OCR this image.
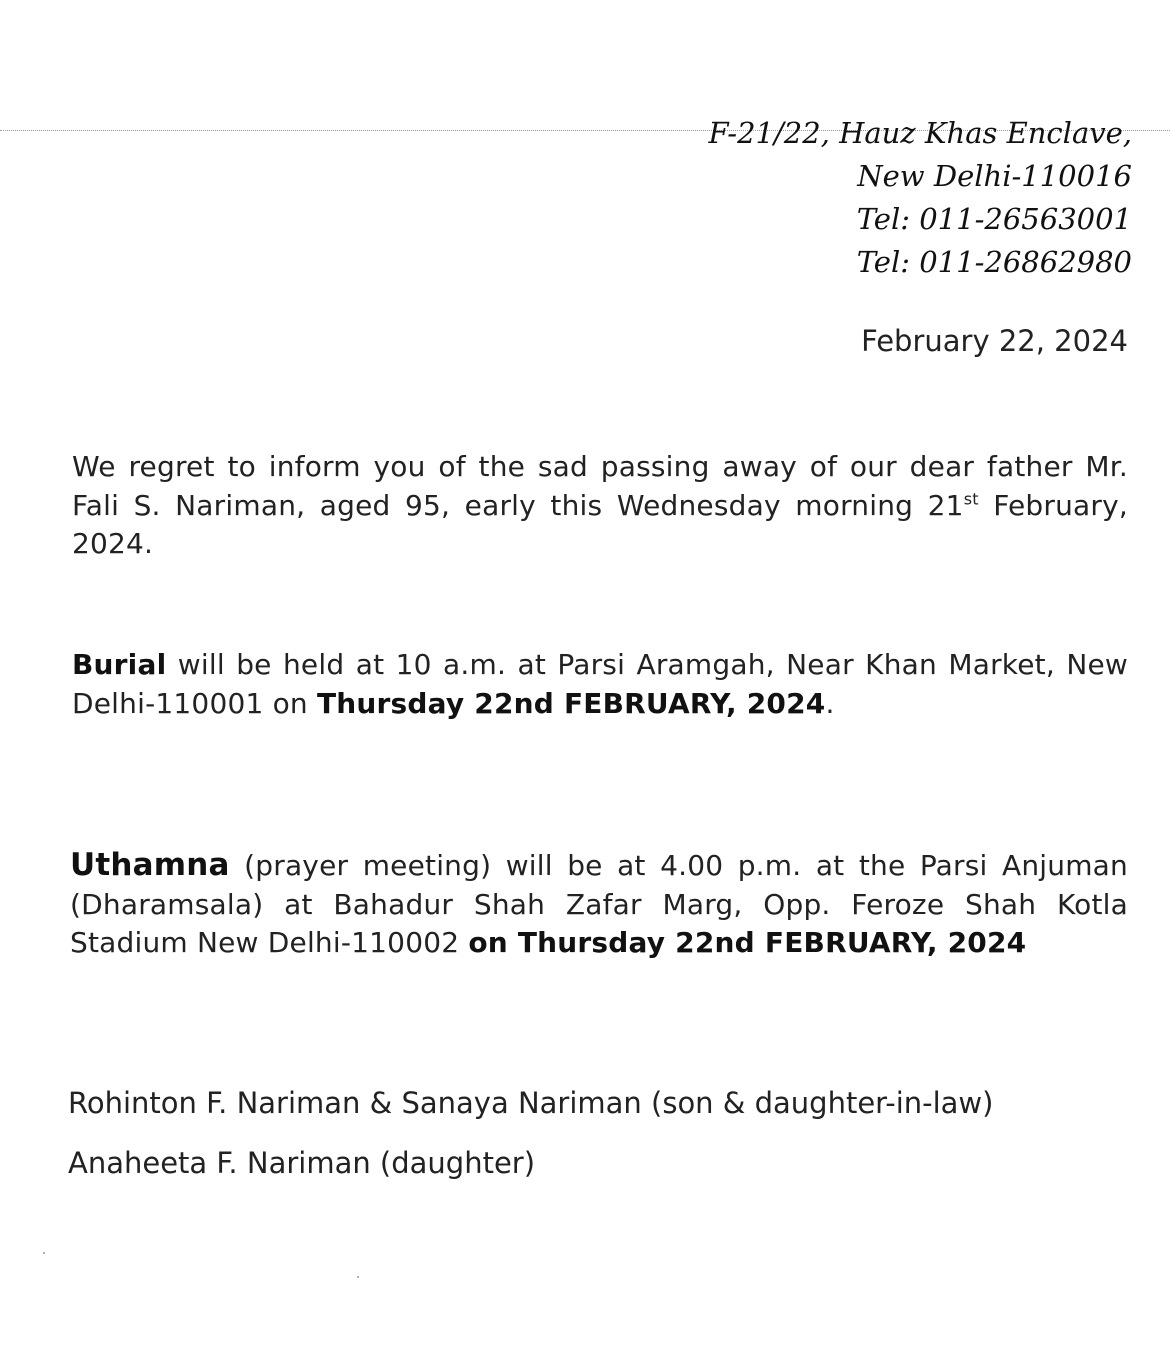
F-21/22, Hauz Khas Enclave,
New Delhi-110016
Tel: 011-26563001
Tel: 011-26862980
February 22, 2024
We regret to inform you of the sad passing away of our dear father Mr. Fali S. Nariman, aged 95, early this Wednesday morning 21st February, 2024.
Burial will be held at 10 a.m. at Parsi Aramgah, Near Khan Market, New Delhi-110001 on Thursday 22nd FEBRUARY, 2024.
Uthamna (prayer meeting) will be at 4.00 p.m. at the Parsi Anjuman (Dharamsala) at Bahadur Shah Zafar Marg, Opp. Feroze Shah Kotla Stadium New Delhi-110002 on Thursday 22nd FEBRUARY, 2024
Rohinton F. Nariman & Sanaya Nariman (son & daughter-in-law)
Anaheeta F. Nariman (daughter)
